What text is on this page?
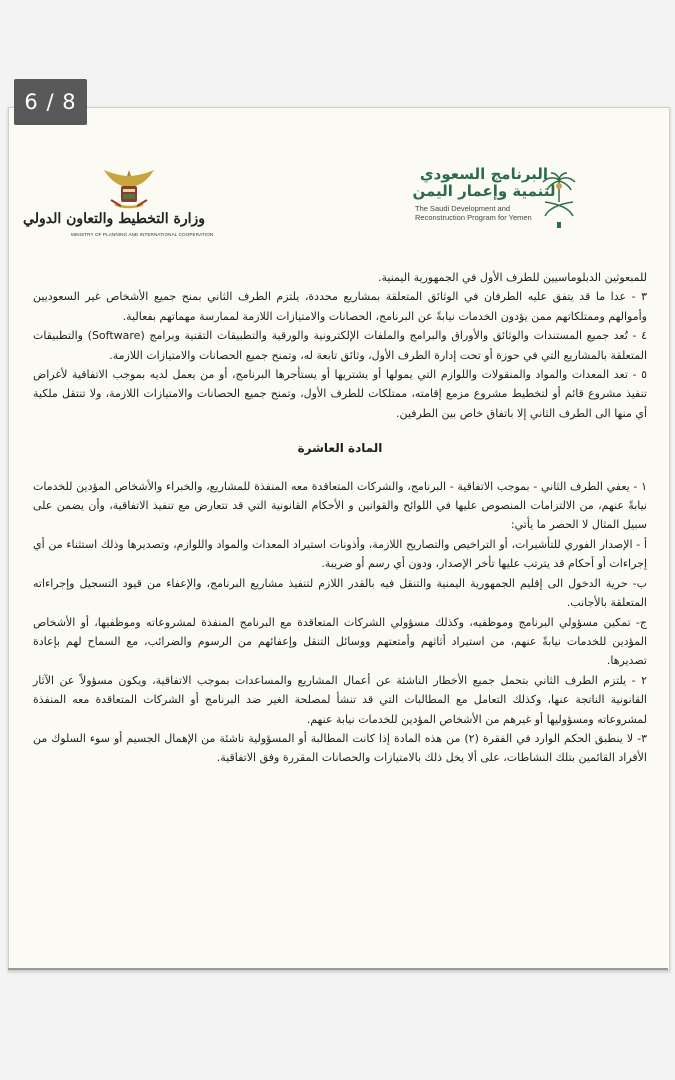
البرنامج السعودي
لتنمية وإعمار اليمن
The Saudi Development and
Reconstruction Program for Yemen
وزارة التخطيط والتعاون الدولي
MINISTRY OF PLANNING AND INTERNATIONAL COOPERATION

للمبعوثين الدبلوماسيين للطرف الأول في الجمهورية اليمنية.

٣ - عدا ما قد يتفق عليه الطرفان في الوثائق المتعلقة بمشاريع محددة، يلتزم الطرف الثاني بمنح جميع الأشخاص غير السعوديين وأموالهم وممتلكاتهم ممن يؤدون الخدمات نيابةً عن البرنامج، الحصانات والامتيازات اللازمة لممارسة مهماتهم بفعالية.

٤ - تُعد جميع المستندات والوثائق والأوراق والبرامج والملفات الإلكترونية والورقية والتطبيقات التقنية وبرامج (Software) والتطبيقات المتعلقة بالمشاريع التي في حوزة أو تحت إدارة الطرف الأول، وثائق تابعة له، وتمنح جميع الحصانات والامتيازات اللازمة.

٥ - تعد المعدات والمواد والمنقولات واللوازم التي يمولها أو يشتريها أو يستأجرها البرنامج، أو من يعمل لديه بموجب الاتفاقية لأغراض تنفيذ مشروع قائم أو لتخطيط مشروع مزمع إقامته، ممتلكات للطرف الأول، وتمنح جميع الحصانات والامتيازات اللازمة، ولا تنتقل ملكية أي منها الى الطرف الثاني إلا باتفاق خاص بين الطرفين.

المادة العاشرة

١ - يعفي الطرف الثاني - بموجب الاتفاقية - البرنامج، والشركات المتعاقدة معه المنفذة للمشاريع، والخبراء والأشخاص المؤدين للخدمات نيابةً عنهم، من الالتزامات المنصوص عليها في اللوائح والقوانين و الأحكام القانونية التي قد تتعارض مع تنفيذ الاتفاقية، وأن يضمن على سبيل المثال لا الحصر ما يأتي:

أ - الإصدار الفوري للتأشيرات، أو التراخيص والتصاريح اللازمة، وأذونات استيراد المعدات والمواد واللوازم، وتصديرها وذلك استثناء من أي إجراءات أو أحكام قد يترتب عليها تأخر الإصدار، ودون أي رسم أو ضريبة.

ب- حرية الدخول الى إقليم الجمهورية اليمنية والتنقل فيه بالقدر اللازم لتنفيذ مشاريع البرنامج، والإعفاء من قيود التسجيل وإجراءاته المتعلقة بالأجانب.

ج- تمكين مسؤولي البرنامج وموظفيه، وكذلك مسؤولي الشركات المتعاقدة مع البرنامج المنفذة لمشروعاته وموظفيها، أو الأشخاص المؤدين للخدمات نيابةً عنهم، من استيراد أثاثهم وأمتعتهم ووسائل التنقل وإعفائهم من الرسوم والضرائب، مع السماح لهم بإعادة تصديرها.

٢ - يلتزم الطرف الثاني بتحمل جميع الأخطار الناشئة عن أعمال المشاريع والمساعدات بموجب الاتفاقية، ويكون مسؤولاً عن الآثار القانونية الناتجة عنها، وكذلك التعامل مع المطالبات التي قد تنشأ لمصلحة الغير ضد البرنامج أو الشركات المتعاقدة معه المنفذة لمشروعاته ومسؤوليها أو غيرهم من الأشخاص المؤدين للخدمات نيابة عنهم.

٣- لا ينطبق الحكم الوارد في الفقرة (٢) من هذه المادة إذا كانت المطالبة أو المسؤولية ناشئة من الإهمال الجسيم أو سوء السلوك من الأفراد القائمين بتلك النشاطات، على ألا يخل ذلك بالامتيازات والحصانات المقررة وفق الاتفاقية.

6 / 8
